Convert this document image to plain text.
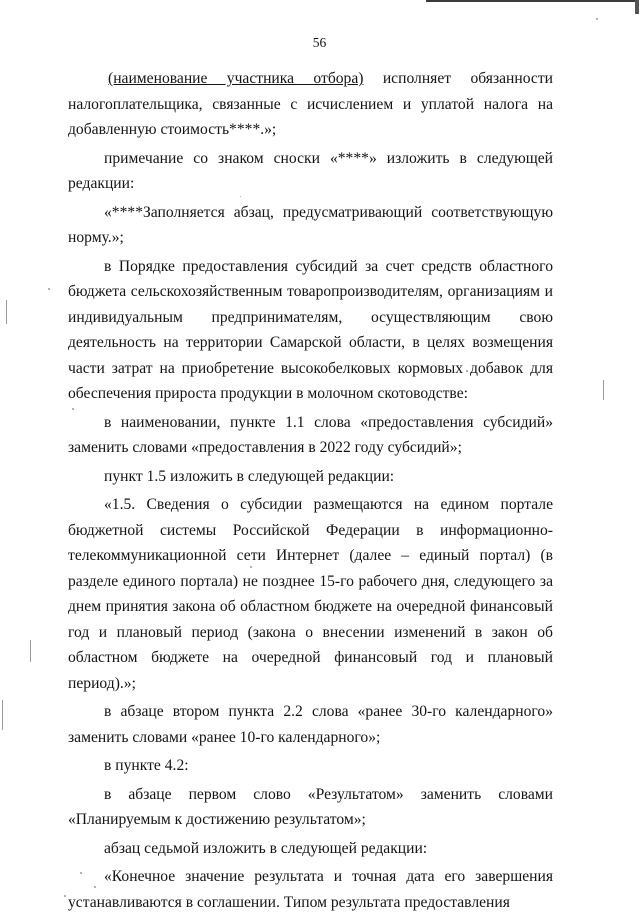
56

(наименование участника отбора) исполняет обязанности налогоплательщика, связанные с исчислением и уплатой налога на добавленную стоимость****.»;

примечание со знаком сноски «****» изложить в следующей редакции:

«****Заполняется абзац, предусматривающий соответствующую норму.»;

в Порядке предоставления субсидий за счет средств областного бюджета сельскохозяйственным товаропроизводителям, организациям и индивидуальным предпринимателям, осуществляющим свою деятельность на территории Самарской области, в целях возмещения части затрат на приобретение высокобелковых кормовых добавок для обеспечения прироста продукции в молочном скотоводстве:

в наименовании, пункте 1.1 слова «предоставления субсидий» заменить словами «предоставления в 2022 году субсидий»;

пункт 1.5 изложить в следующей редакции:

«1.5. Сведения о субсидии размещаются на едином портале бюджетной системы Российской Федерации в информационно-телекоммуникационной сети Интернет (далее – единый портал) (в разделе единого портала) не позднее 15-го рабочего дня, следующего за днем принятия закона об областном бюджете на очередной финансовый год и плановый период (закона о внесении изменений в закон об областном бюджете на очередной финансовый год и плановый период).»;

в абзаце втором пункта 2.2 слова «ранее 30-го календарного» заменить словами «ранее 10-го календарного»;

в пункте 4.2:

в абзаце первом слово «Результатом» заменить словами «Планируемым к достижению результатом»;

абзац седьмой изложить в следующей редакции:

«Конечное значение результата и точная дата его завершения устанавливаются в соглашении. Типом результата предоставления
